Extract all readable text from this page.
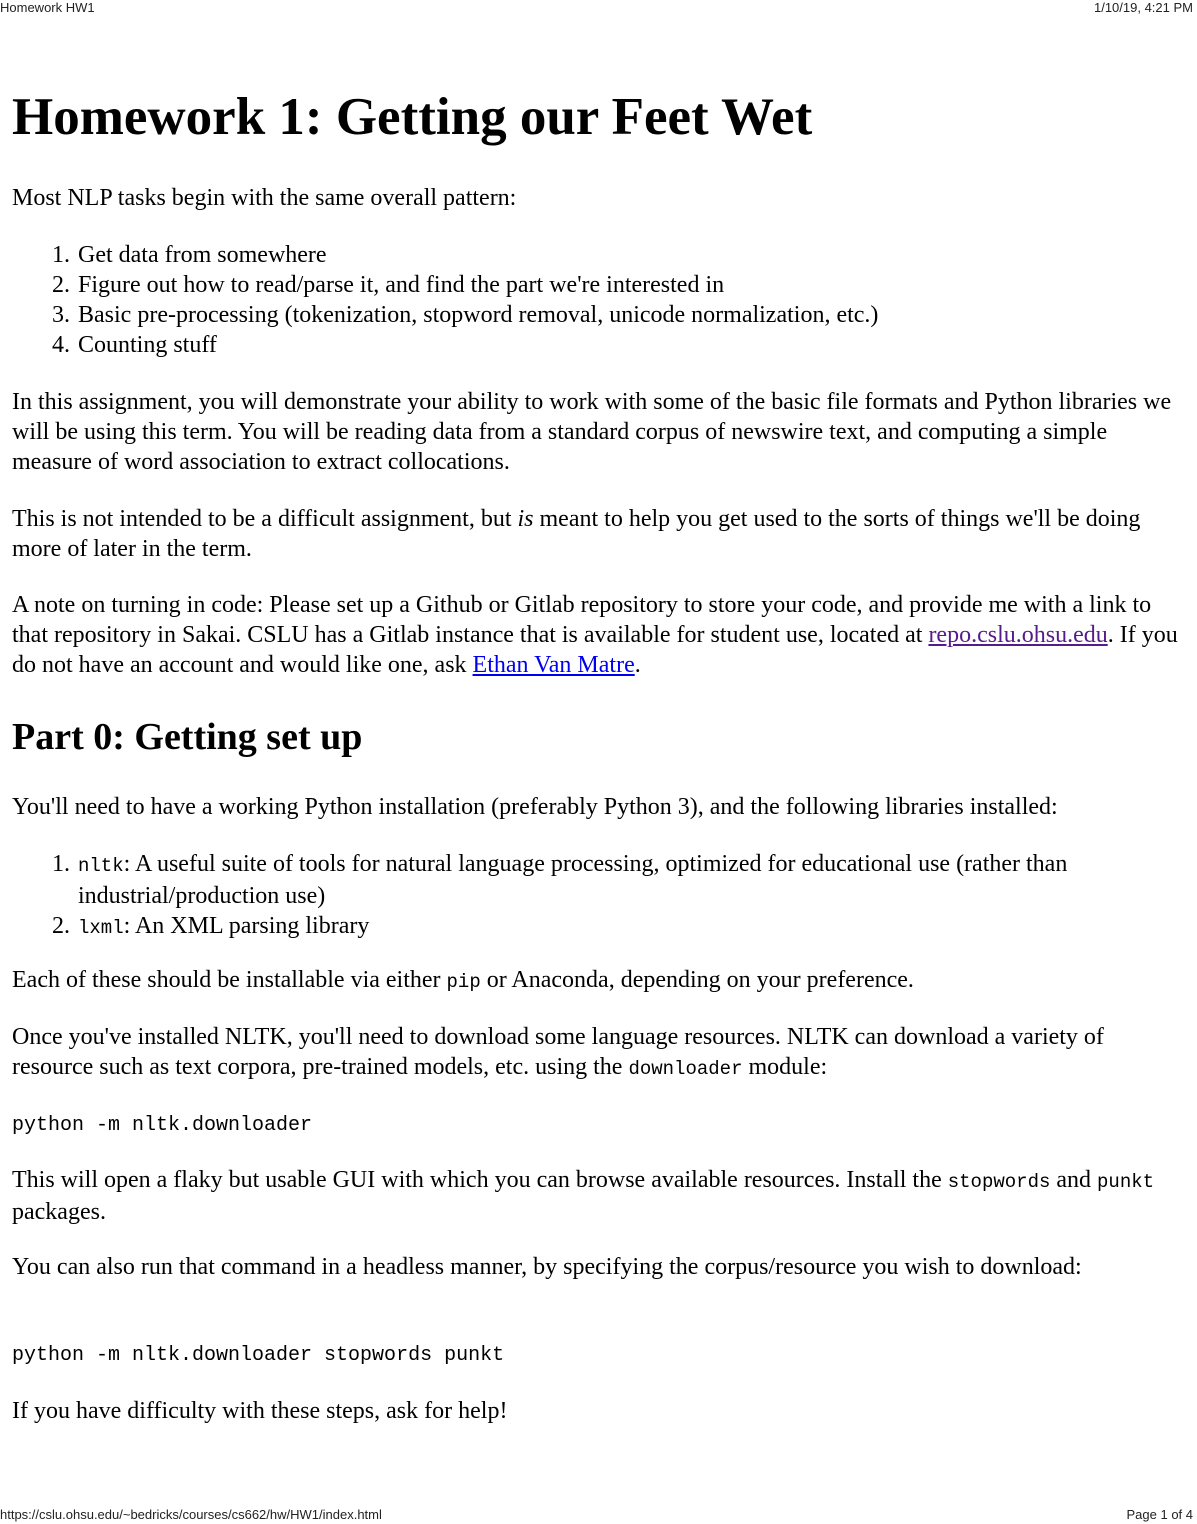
Homework HW1	1/10/19, 4:21 PM
Homework 1: Getting our Feet Wet

Most NLP tasks begin with the same overall pattern:

1. Get data from somewhere
2. Figure out how to read/parse it, and find the part we're interested in
3. Basic pre-processing (tokenization, stopword removal, unicode normalization, etc.)
4. Counting stuff

In this assignment, you will demonstrate your ability to work with some of the basic file formats and Python libraries we will be using this term. You will be reading data from a standard corpus of newswire text, and computing a simple measure of word association to extract collocations.

This is not intended to be a difficult assignment, but is meant to help you get used to the sorts of things we'll be doing more of later in the term.

A note on turning in code: Please set up a Github or Gitlab repository to store your code, and provide me with a link to that repository in Sakai. CSLU has a Gitlab instance that is available for student use, located at repo.cslu.ohsu.edu. If you do not have an account and would like one, ask Ethan Van Matre.

Part 0: Getting set up

You'll need to have a working Python installation (preferably Python 3), and the following libraries installed:

1. nltk: A useful suite of tools for natural language processing, optimized for educational use (rather than industrial/production use)
2. lxml: An XML parsing library

Each of these should be installable via either pip or Anaconda, depending on your preference.

Once you've installed NLTK, you'll need to download some language resources. NLTK can download a variety of resource such as text corpora, pre-trained models, etc. using the downloader module:

python -m nltk.downloader

This will open a flaky but usable GUI with which you can browse available resources. Install the stopwords and punkt packages.

You can also run that command in a headless manner, by specifying the corpus/resource you wish to download:

python -m nltk.downloader stopwords punkt

If you have difficulty with these steps, ask for help!

https://cslu.ohsu.edu/~bedricks/courses/cs662/hw/HW1/index.html	Page 1 of 4
